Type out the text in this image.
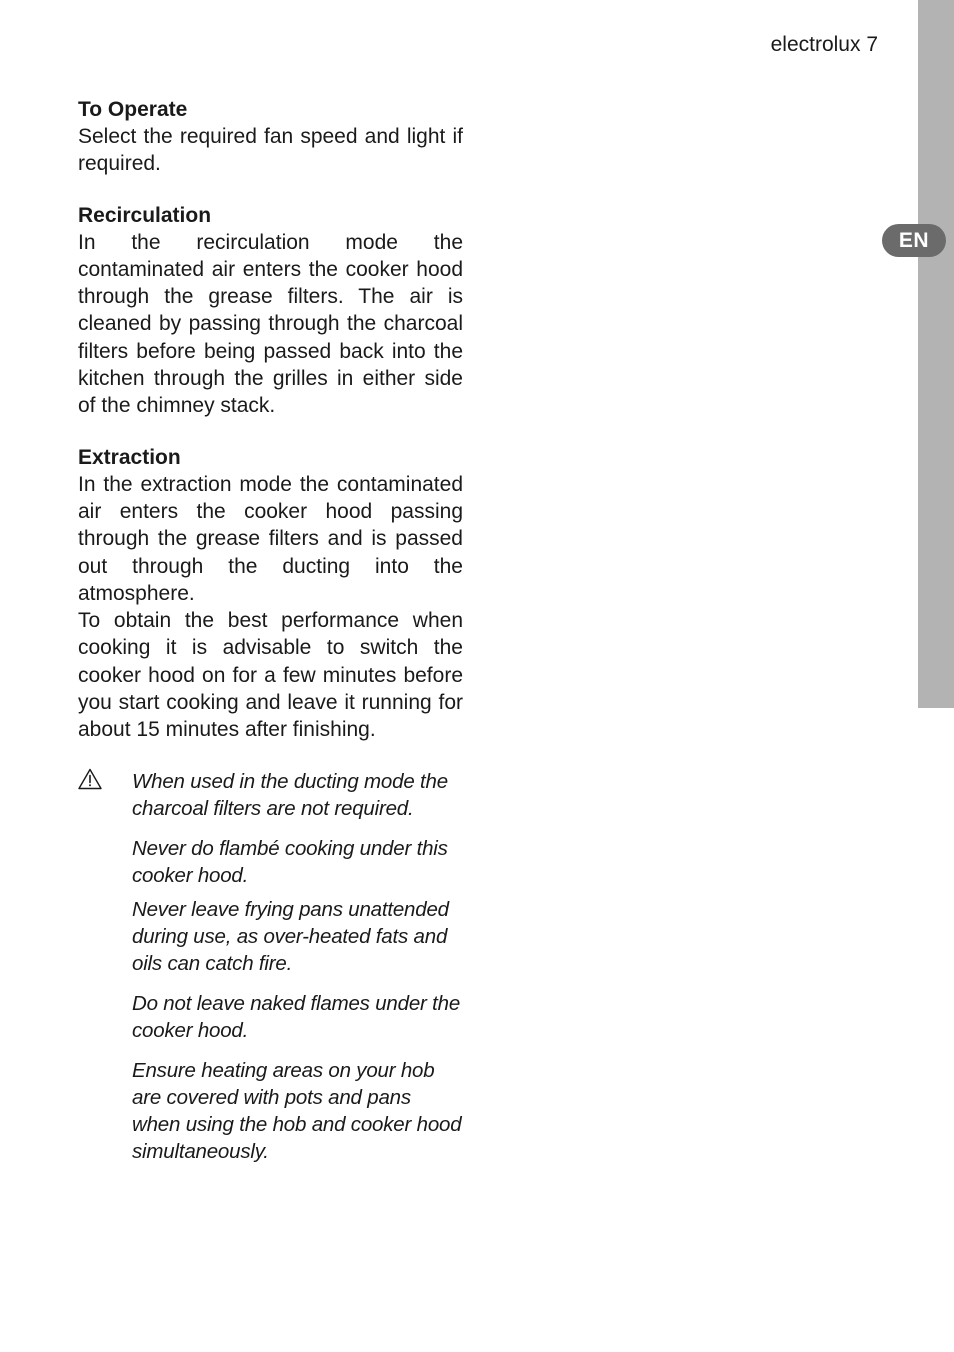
EN
electrolux 7
To Operate

Select the required fan speed and light if required.

Recirculation

In the recirculation mode the contaminated air enters the cooker hood through the grease filters. The air is cleaned by passing through the charcoal filters before being passed back into the kitchen through the grilles in either side of the chimney stack.

Extraction

In the extraction mode the contaminated air enters the cooker hood passing through the grease filters and is passed out through the ducting into the atmosphere.

To obtain the best performance when cooking it is advisable to switch the cooker hood on for a few minutes before you start cooking and leave it running for about 15 minutes after finishing.

When used in the ducting mode the charcoal filters are not required.

Never do flambé cooking under this cooker hood.

Never leave frying pans unattended during use, as over-heated fats and oils can catch fire.

Do not leave naked flames under the cooker hood.

Ensure heating areas on your hob are covered with pots and pans when using the hob and cooker hood simultaneously.
